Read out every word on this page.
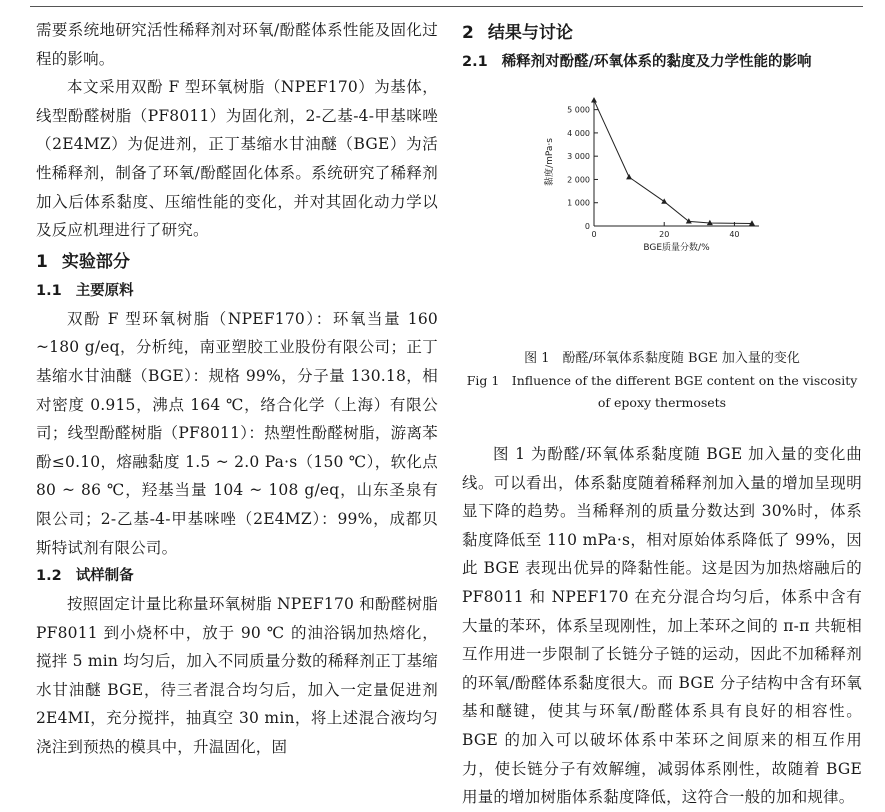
需要系统地研究活性稀释剂对环氧/酚醛体系性能及固化过程的影响。

本文采用双酚 F 型环氧树脂（NPEF170）为基体，线型酚醛树脂（PF8011）为固化剂，2-乙基-4-甲基咪唑（2E4MZ）为促进剂，正丁基缩水甘油醚（BGE）为活性稀释剂，制备了环氧/酚醛固化体系。系统研究了稀释剂加入后体系黏度、压缩性能的变化，并对其固化动力学以及反应机理进行了研究。

1 实验部分
1.1 主要原料

双酚 F 型环氧树脂（NPEF170）：环氧当量 160 ~180 g/eq，分析纯，南亚塑胶工业股份有限公司；正丁基缩水甘油醚（BGE）：规格 99%，分子量 130.18，相对密度 0.915，沸点 164 ℃，络合化学（上海）有限公司；线型酚醛树脂（PF8011）：热塑性酚醛树脂，游离苯酚≤0.10，熔融黏度 1.5 ~ 2.0 Pa·s（150 ℃），软化点 80 ~ 86 ℃，羟基当量 104 ~ 108 g/eq，山东圣泉有限公司；2-乙基-4-甲基咪唑（2E4MZ）：99%，成都贝斯特试剂有限公司。

1.2 试样制备

按照固定计量比称量环氧树脂 NPEF170 和酚醛树脂 PF8011 到小烧杯中，放于 90 ℃ 的油浴锅加热熔化，搅拌 5 min 均匀后，加入不同质量分数的稀释剂正丁基缩水甘油醚 BGE，待三者混合均匀后，加入一定量促进剂 2E4MI，充分搅拌，抽真空 30 min，将上述混合液均匀浇注到预热的模具中，升温固化，固

2 结果与讨论
2.1 稀释剂对酚醛/环氧体系的黏度及力学性能的影响
0
1 000
2 000
3 000
4 000
5 000
0	20	40
BGE质量分数/%
黏度/mPa·s

图 1　酚醛/环氧体系黏度随 BGE 加入量的变化

Fig 1　Influence of the different BGE content on the viscosity of epoxy thermosets

图 1 为酚醛/环氧体系黏度随 BGE 加入量的变化曲线。可以看出，体系黏度随着稀释剂加入量的增加呈现明显下降的趋势。当稀释剂的质量分数达到 30%时，体系黏度降低至 110 mPa·s，相对原始体系降低了 99%，因此 BGE 表现出优异的降黏性能。这是因为加热熔融后的 PF8011 和 NPEF170 在充分混合均匀后，体系中含有大量的苯环，体系呈现刚性，加上苯环之间的 π-π 共轭相互作用进一步限制了长链分子链的运动，因此不加稀释剂的环氧/酚醛体系黏度很大。而 BGE 分子结构中含有环氧基和醚键，使其与环氧/酚醛体系具有良好的相容性。BGE 的加入可以破坏体系中苯环之间原来的相互作用力，使长链分子有效解缠，减弱体系刚性，故随着 BGE 用量的增加树脂体系黏度降低，这符合一般的加和规律。
